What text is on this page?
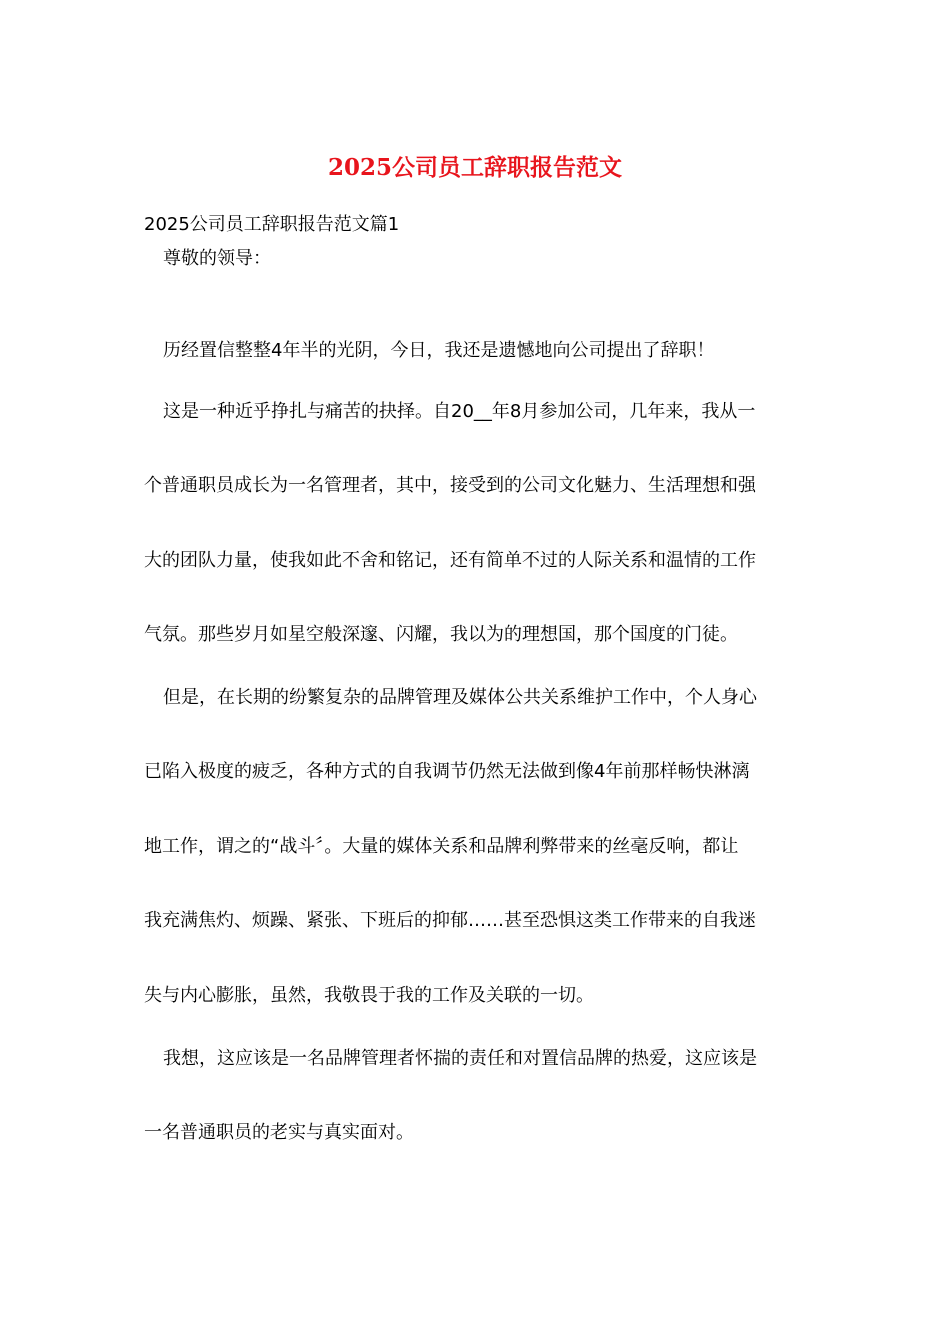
2025公司员工辞职报告范文

2025公司员工辞职报告范文篇1

尊敬的领导：

历经置信整整4年半的光阴，今日，我还是遗憾地向公司提出了辞职！

这是一种近乎挣扎与痛苦的抉择。自20__年8月参加公司，几年来，我从一

个普通职员成长为一名管理者，其中，接受到的公司文化魅力、生活理想和强

大的团队力量，使我如此不舍和铭记，还有简单不过的人际关系和温情的工作

气氛。那些岁月如星空般深邃、闪耀，我以为的理想国，那个国度的门徒。

但是，在长期的纷繁复杂的品牌管理及媒体公共关系维护工作中，个人身心

已陷入极度的疲乏，各种方式的自我调节仍然无法做到像4年前那样畅快淋漓

地工作，谓之的“战斗〞。大量的媒体关系和品牌利弊带来的丝毫反响，都让

我充满焦灼、烦躁、紧张、下班后的抑郁……甚至恐惧这类工作带来的自我迷

失与内心膨胀，虽然，我敬畏于我的工作及关联的一切。

我想，这应该是一名品牌管理者怀揣的责任和对置信品牌的热爱，这应该是

一名普通职员的老实与真实面对。
